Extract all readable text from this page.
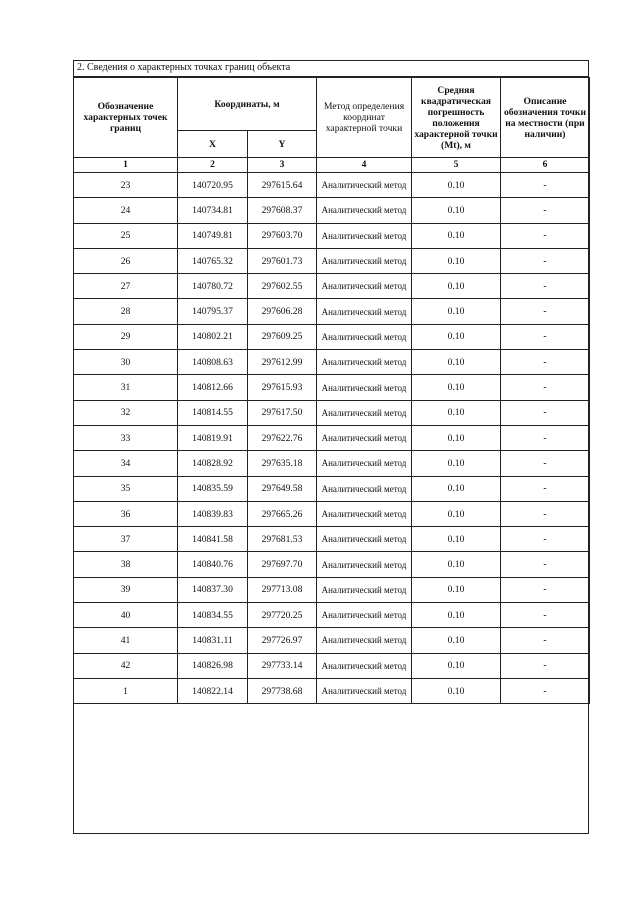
2. Сведения о характерных точках границ объекта
Обозначение характерных точек границ	Координаты, м		Метод определения координат характерной точки	Средняя квадратическая погрешность положения характерной точки (Mt), м	Описание обозначения точки на местности (при наличии)
	X	Y			
1	2	3	4	5	6
23	140720.95	297615.64	Аналитический метод	0.10	-
24	140734.81	297608.37	Аналитический метод	0.10	-
25	140749.81	297603.70	Аналитический метод	0.10	-
26	140765.32	297601.73	Аналитический метод	0.10	-
27	140780.72	297602.55	Аналитический метод	0.10	-
28	140795.37	297606.28	Аналитический метод	0.10	-
29	140802.21	297609.25	Аналитический метод	0.10	-
30	140808.63	297612.99	Аналитический метод	0.10	-
31	140812.66	297615.93	Аналитический метод	0.10	-
32	140814.55	297617.50	Аналитический метод	0.10	-
33	140819.91	297622.76	Аналитический метод	0.10	-
34	140828.92	297635.18	Аналитический метод	0.10	-
35	140835.59	297649.58	Аналитический метод	0.10	-
36	140839.83	297665.26	Аналитический метод	0.10	-
37	140841.58	297681.53	Аналитический метод	0.10	-
38	140840.76	297697.70	Аналитический метод	0.10	-
39	140837.30	297713.08	Аналитический метод	0.10	-
40	140834.55	297720.25	Аналитический метод	0.10	-
41	140831.11	297726.97	Аналитический метод	0.10	-
42	140826.98	297733.14	Аналитический метод	0.10	-
1	140822.14	297738.68	Аналитический метод	0.10	-
